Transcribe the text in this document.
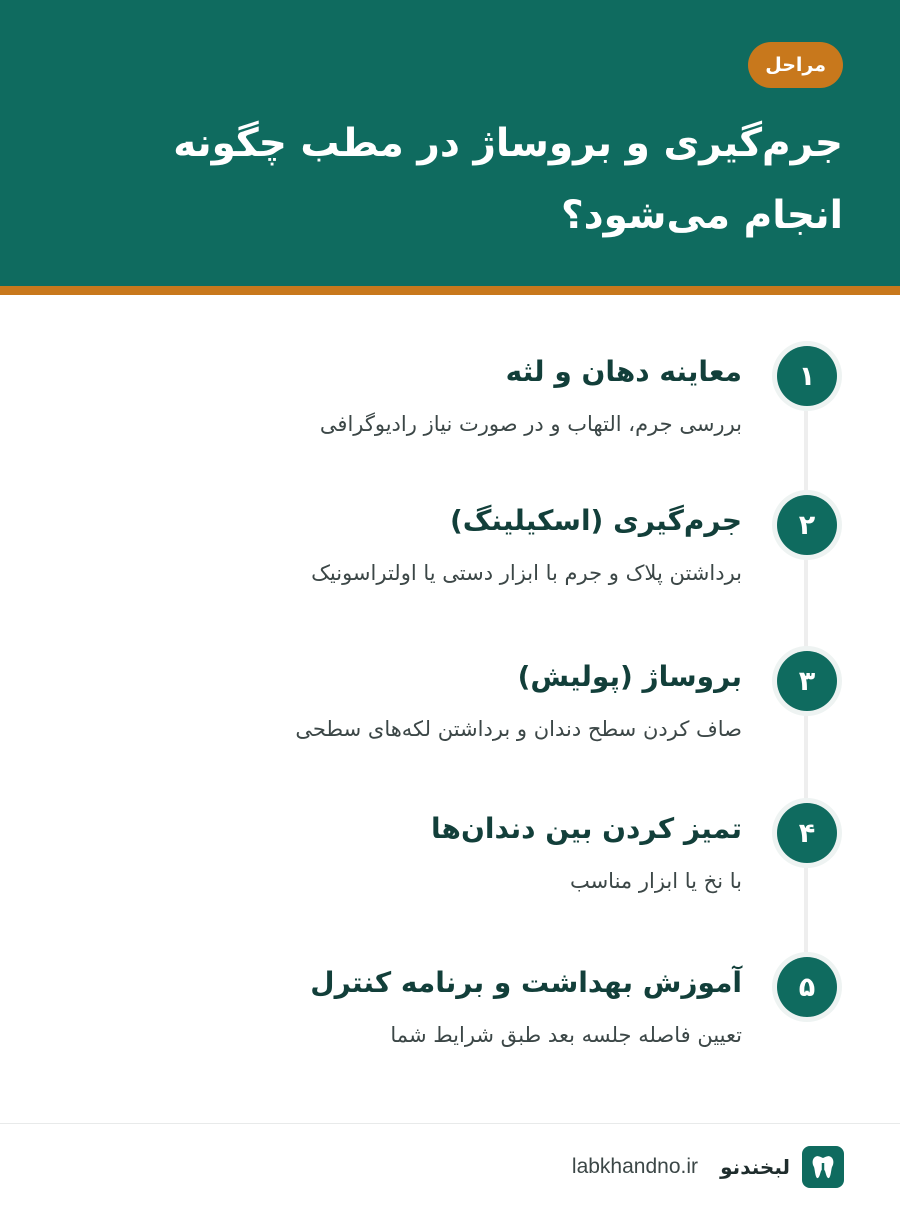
مراحل
جرم‌گیری و بروساژ در مطب چگونه انجام می‌شود؟
۱
معاینه دهان و لثه
بررسی جرم، التهاب و در صورت نیاز رادیوگرافی
۲
جرم‌گیری (اسکیلینگ)
برداشتن پلاک و جرم با ابزار دستی یا اولتراسونیک
۳
بروساژ (پولیش)
صاف کردن سطح دندان و برداشتن لکه‌های سطحی
۴
تمیز کردن بین دندان‌ها
با نخ یا ابزار مناسب
۵
آموزش بهداشت و برنامه کنترل
تعیین فاصله جلسه بعد طبق شرایط شما
لبخندنو
labkhandno.ir
